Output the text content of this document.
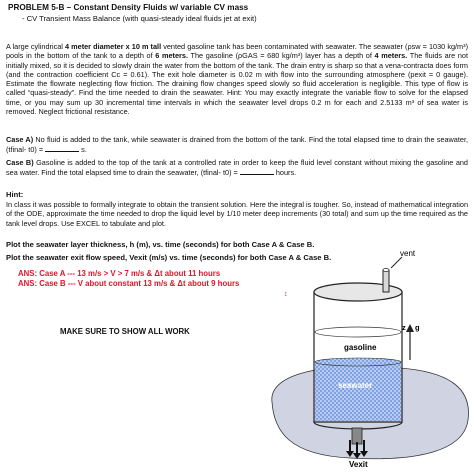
PROBLEM 5-B – Constant Density Fluids w/ variable CV mass
- CV Transient Mass Balance (with quasi-steady ideal fluids jet at exit)

A large cylindrical 4 meter diameter x 10 m tall vented gasoline tank has been contaminated with seawater. The seawater (ρsw = 1030 kg/m³) pools in the bottom of the tank to a depth of 6 meters. The gasoline (ρGAS = 680 kg/m³) layer has a depth of 4 meters. The fluids are not initially mixed, so it is decided to slowly drain the water from the bottom of the tank. The drain entry is sharp so that a vena-contracta does form (and the contraction coefficient Cc = 0.61). The exit hole diameter is 0.02 m with flow into the surrounding atmosphere (pexit = 0 gauge). Estimate the flowrate neglecting flow friction. The draining flow changes speed slowly so fluid acceleration is negligible. This type of flow is called “quasi-steady”. Find the time needed to drain the seawater. Hint: You may exactly integrate the variable flow to solve for the elapsed time, or you may sum up 30 incremental time intervals in which the seawater level drops 0.2 m for each and 2.5133 m³ of sea water is removed. Neglect frictional resistance.

Case A) No fluid is added to the tank, while seawater is drained from the bottom of the tank. Find the total elapsed time to drain the seawater, (tfinal- t0) =	s.

Case B) Gasoline is added to the top of the tank at a controlled rate in order to keep the fluid level constant without mixing the gasoline and sea water. Find the total elapsed time to drain the seawater, (tfinal- t0) =	hours.

Hint:

In class it was possible to formally integrate to obtain the transient solution. Here the integral is tougher. So, instead of mathematical integration of the ODE, approximate the time needed to drop the liquid level by 1/10 meter deep increments (30 total) and sum up the time required as the tank level drops. Use EXCEL to tabulate and plot.

Plot the seawater layer thickness, h (m), vs. time (seconds) for both Case A & Case B.
Plot the seawater exit flow speed, Vexit (m/s) vs. time (seconds) for both Case A & Case B.
ANS: Case A --- 13 m/s > V > 7 m/s & Δt about 11 hours
ANS: Case B --- V about constant 13 m/s & Δt about 9 hours
↕
MAKE SURE TO SHOW ALL WORK
vent
z g
gasoline
seawater
Vexit
